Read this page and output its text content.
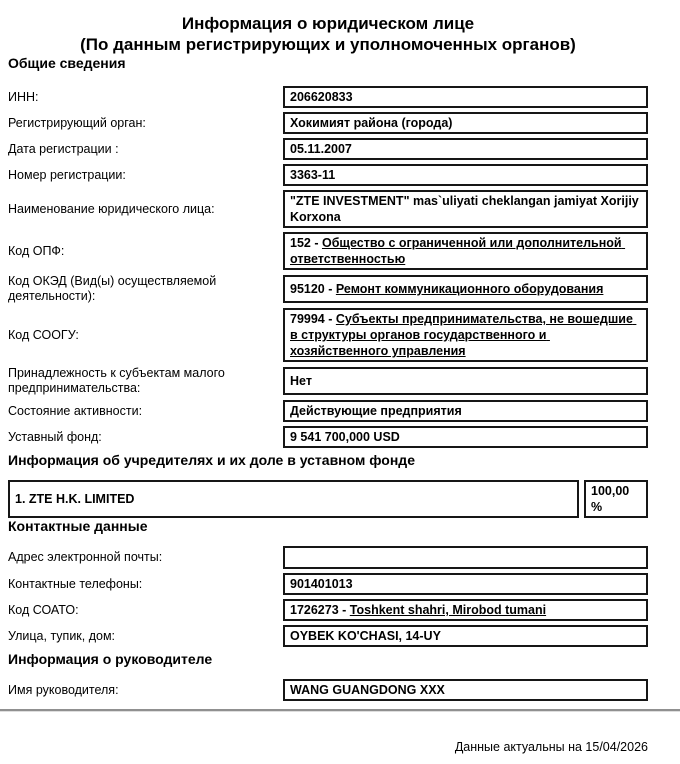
Информация о юридическом лице
(По данным регистрирующих и уполномоченных органов)
Общие сведения
ИНН:	206620833
Регистрирующий орган:	Хокимият района (города)
Дата регистрации :	05.11.2007
Номер регистрации:	3363-11
Наименование юридического лица:
"ZTE INVESTMENT" mas`uliyati cheklangan jamiyat Xorijiy Korxona
Код ОПФ:
152 - Общество с ограниченной или дополнительной ответственностью
Код ОКЭД (Вид(ы) осуществляемой деятельности):	95120 - Ремонт коммуникационного оборудования
Код СООГУ:
79994 - Субъекты предпринимательства, не вошедшие в структуры органов государственного и хозяйственного управления
Принадлежность к субъектам малого предпринимательства:	Нет
Состояние активности:	Действующие предприятия
Уставный фонд:	9 541 700,000 USD
Информация об учредителях и их доле в уставном фонде
1. ZTE H.K. LIMITED
100,00 %
Контактные данные
Адрес электронной почты:
Контактные телефоны:	901401013
Код СОАТО:	1726273 - Toshkent shahri, Mirobod tumani
Улица, тупик, дом:	OYBEK KO'CHASI, 14-UY
Информация о руководителе
Имя руководителя:	WANG GUANGDONG XXX
Данные актуальны на 15/04/2026
